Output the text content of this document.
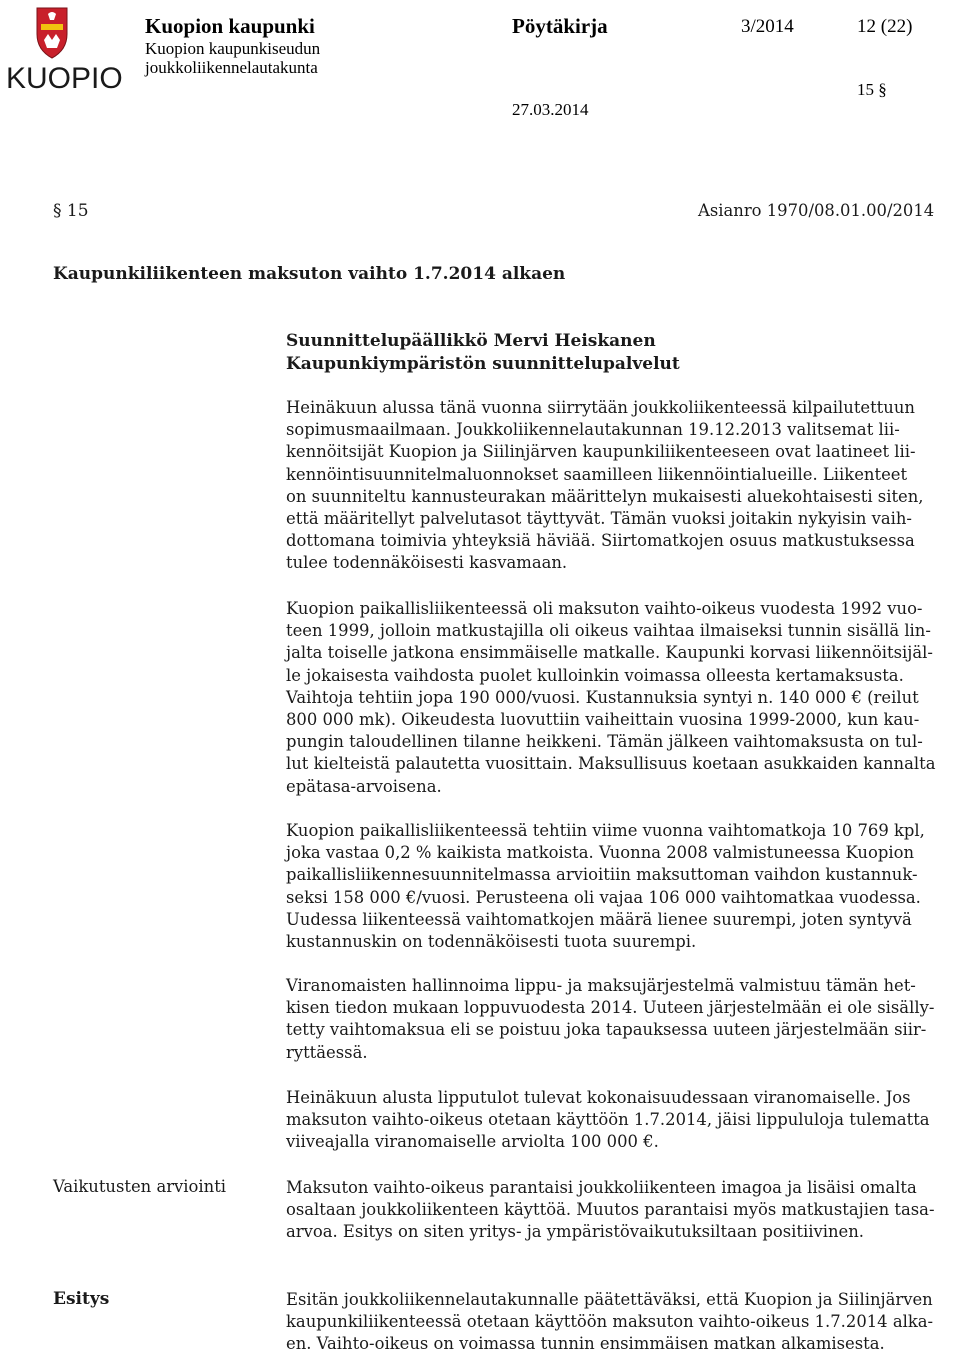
KUOPIO
Kuopion kaupunki
Kuopion kaupunkiseudun
joukkoliikennelautakunta
Pöytäkirja	3/2014	12 (22)
15 §
27.03.2014
§ 15	Asianro 1970/08.01.00/2014
Kaupunkiliikenteen maksuton vaihto 1.7.2014 alkaen
Suunnittelupäällikkö Mervi Heiskanen
Kaupunkiympäristön suunnittelupalvelut
Heinäkuun alussa tänä vuonna siirrytään joukkoliikenteessä kilpailutettuun
sopimusmaailmaan. Joukkoliikennelautakunnan 19.12.2013 valitsemat lii-
kennöitsijät Kuopion ja Siilinjärven kaupunkiliikenteeseen ovat laatineet lii-
kennöintisuunnitelmaluonnokset saamilleen liikennöintialueille. Liikenteet
on suunniteltu kannusteurakan määrittelyn mukaisesti aluekohtaisesti siten,
että määritellyt palvelutasot täyttyvät. Tämän vuoksi joitakin nykyisin vaih-
dottomana toimivia yhteyksiä häviää. Siirtomatkojen osuus matkustuksessa
tulee todennäköisesti kasvamaan.
Kuopion paikallisliikenteessä oli maksuton vaihto-oikeus vuodesta 1992 vuo-
teen 1999, jolloin matkustajilla oli oikeus vaihtaa ilmaiseksi tunnin sisällä lin-
jalta toiselle jatkona ensimmäiselle matkalle. Kaupunki korvasi liikennöitsijäl-
le jokaisesta vaihdosta puolet kulloinkin voimassa olleesta kertamaksusta.
Vaihtoja tehtiin jopa 190 000/vuosi. Kustannuksia syntyi n. 140 000 € (reilut
800 000 mk). Oikeudesta luovuttiin vaiheittain vuosina 1999-2000, kun kau-
pungin taloudellinen tilanne heikkeni. Tämän jälkeen vaihtomaksusta on tul-
lut kielteistä palautetta vuosittain. Maksullisuus koetaan asukkaiden kannalta
epätasa-arvoisena.
Kuopion paikallisliikenteessä tehtiin viime vuonna vaihtomatkoja 10 769 kpl,
joka vastaa 0,2 % kaikista matkoista. Vuonna 2008 valmistuneessa Kuopion
paikallisliikennesuunnitelmassa arvioitiin maksuttoman vaihdon kustannuk-
seksi 158 000 €/vuosi. Perusteena oli vajaa 106 000 vaihtomatkaa vuodessa.
Uudessa liikenteessä vaihtomatkojen määrä lienee suurempi, joten syntyvä
kustannuskin on todennäköisesti tuota suurempi.
Viranomaisten hallinnoima lippu- ja maksujärjestelmä valmistuu tämän het-
kisen tiedon mukaan loppuvuodesta 2014. Uuteen järjestelmään ei ole sisälly-
tetty vaihtomaksua eli se poistuu joka tapauksessa uuteen järjestelmään siir-
ryttäessä.
Heinäkuun alusta lipputulot tulevat kokonaisuudessaan viranomaiselle. Jos
maksuton vaihto-oikeus otetaan käyttöön 1.7.2014, jäisi lippululoja tulematta
viiveajalla viranomaiselle arviolta 100 000 €.
Vaikutusten arviointi	Maksuton vaihto-oikeus parantaisi joukkoliikenteen imagoa ja lisäisi omalta
osaltaan joukkoliikenteen käyttöä. Muutos parantaisi myös matkustajien tasa-
arvoa. Esitys on siten yritys- ja ympäristövaikutuksiltaan positiivinen.
Esitys	Esitän joukkoliikennelautakunnalle päätettäväksi, että Kuopion ja Siilinjärven
kaupunkiliikenteessä otetaan käyttöön maksuton vaihto-oikeus 1.7.2014 alka-
en. Vaihto-oikeus on voimassa tunnin ensimmäisen matkan alkamisesta.
